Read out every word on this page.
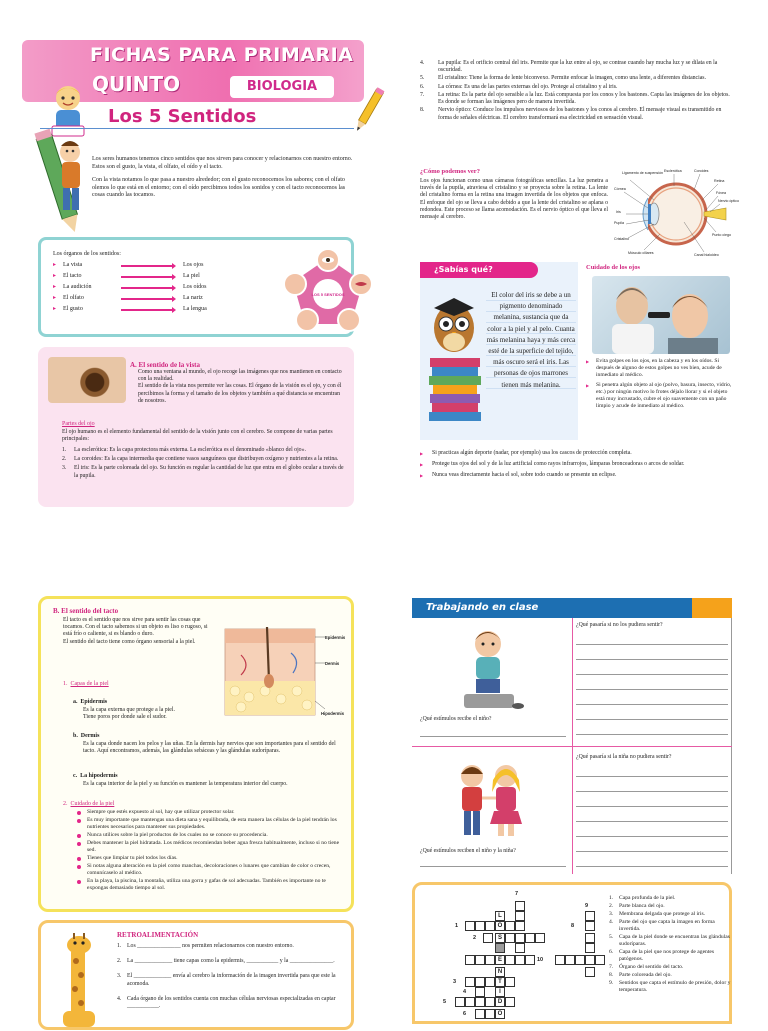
FICHAS PARA PRIMARIA
QUINTO	BIOLOGIA
Los 5 Sentidos

Los seres humanos tenemos cinco sentidos que nos sirven para conocer y relacionarnos con nuestro entorno. Estos son el gusto, la vista, el olfato, el oído y el tacto.

Con la vista notamos lo que pasa a nuestro alrededor; con el gusto reconocemos los sabores; con el olfato olemos lo que está en el entorno; con el oído percibimos todos los sonidos y con el tacto reconocemos las cosas cuando las tocamos.

Los órganos de los sentidos:
▸ La vista	Los ojos
▸ El tacto	La piel
▸ La audición	Los oídos
▸ El olfato	La nariz
▸ El gusto	La lengua
LOS 5 SENTIDOS
A. El sentido de la vista
Como una ventana al mundo, el ojo recoge las imágenes que nos mantienen en contacto con la realidad.
El sentido de la vista nos permite ver las cosas. El órgano de la visión es el ojo, y con él percibimos la forma y el tamaño de los objetos y también a qué distancia se encuentran de nosotros.
Partes del ojo
El ojo humano es el elemento fundamental del sentido de la visión junto con el cerebro. Se compone de varias partes principales:
1. La esclerótica: Es la capa protectora más externa. La esclerótica es el denominado «blanco del ojo».
2. La coroides: Es la capa intermedia que contiene vasos sanguíneos que distribuyen oxígeno y nutrientes a la retina.
3. El iris: Es la parte coloreada del ojo. Su función es regular la cantidad de luz que entra en el globo ocular a través de la pupila.
4. La pupila: Es el orificio central del iris. Permite que la luz entre al ojo, se contrae cuando hay mucha luz y se dilata en la oscuridad.
5. El cristalino: Tiene la forma de lente biconvexo. Permite enfocar la imagen, como una lente, a diferentes distancias.
6. La córnea: Es una de las partes externas del ojo. Protege al cristalino y al iris.
7. La retina: Es la parte del ojo sensible a la luz. Está compuesta por los conos y los bastones. Capta las imágenes de los objetos. Es donde se forman las imágenes pero de manera invertida.
8. Nervio óptico: Conduce los impulsos nerviosos de los bastones y los conos al cerebro. El mensaje visual es transmitido en forma de señales eléctricas. El cerebro transformará esa electricidad en sensación visual.
¿Cómo podemos ver?
Los ojos funcionan como unas cámaras fotográficas sencillas. La luz penetra a través de la pupila, atraviesa el cristalino y se proyecta sobre la retina. La lente del cristalino forma en la retina una imagen invertida de los objetos que enfoca. El enfoque del ojo se lleva a cabo debido a que la lente del cristalino se aplana o redondea. Este proceso se llama acomodación. Es el nervio óptico el que lleva el mensaje al cerebro.
Ligamento de suspensión Esclerótica	Coroides
Córnea
Retina
Iris
Fóvea
Nervio óptico
Pupila
Cristalino
Punto ciego
Músculo ciliares	Canal hialoideo
¿Sabías qué?
El color del iris se debe a un pigmento denominado melanina, sustancia que da color a la piel y al pelo. Cuanta más melanina haya y más cerca esté de la superficie del tejido, más oscuro será el iris. Las personas de ojos marrones tienen más melanina.
Cuidado de los ojos
▶ Evita golpes en los ojos, en la cabeza y en los oídos. Si después de alguno de estos golpes no ves bien, acude de inmediato al médico.
▶ Si penetra algún objeto al ojo (polvo, basura, insecto, vidrio, etc.) por ningún motivo lo frotes déjalo llorar y si el objeto está muy incrustado, cubre el ojo suavemente con un paño limpio y acude de inmediato al médico.
▶ Si practicas algún deporte (nadar, por ejemplo) usa los cascos de protección completa.
▶ Protege tus ojos del sol y de la luz artificial como rayos infrarrojos, lámparas bronceadoras o arcos de soldar.
▶ Nunca veas directamente hacia el sol, sobre todo cuando se presente un eclipse.
B. El sentido del tacto
El tacto es el sentido que nos sirve para sentir las cosas que tocamos. Con el tacto sabemos si un objeto es liso o rugoso, si está frío o caliente, si es blando o duro.
El sentido del tacto tiene como órgano sensorial a la piel.
Epidermis
Dermis
Hipodermis
1. Capas de la piel
a. Epidermis
Es la capa externa que protege a la piel.
Tiene poros por donde sale el sudor.
b. Dermis
Es la capa donde nacen los pelos y las uñas. En la dermis hay nervios que son importantes para el sentido del tacto. Aquí encontramos, además, las glándulas sebáceas y las glándulas sudoríparas.
c. La hipodermis
Es la capa interior de la piel y su función es mantener la temperatura interior del cuerpo.
2. Cuidado de la piel
Siempre que estés expuesto al sol, hay que utilizar protector solar.
Es muy importante que mantengas una dieta sana y equilibrada, de esta manera las células de la piel tendrán los nutrientes necesarios para mantener sus propiedades.
Nunca utilices sobre la piel productos de los cuales no se conoce su procedencia.
Debes mantener la piel hidratada. Los médicos recomiendan beber agua fresca habitualmente, incluso si no tiene sed.
Tienes que limpiar tu piel todos los días.
Si notas alguna alteración en la piel como manchas, decoloraciones o lunares que cambian de color o crecen, comunícaselo al médico.
En la playa, la piscina, la montaña, utiliza una gorra y gafas de sol adecuadas. También es importante no te expongas demasiado tiempo al sol.
RETROALIMENTACIÓN
1. Los _______________ nos permiten relacionarnos con nuestro entorno.
2. La _____________ tiene capas como la epidermis, ___________ y la _______________.
3. El _____________ envía al cerebro la información de la imagen invertida para que este la acomoda.
4. Cada órgano de los sentidos cuenta con muchas células nerviosas especializadas en captar ___________.
Trabajando en clase
¿Qué pasaría si no los pudiera sentir?
¿Qué estímulos recibe el niño?
¿Qué pasaría si la niña no pudiera sentir?
¿Qué estímulos reciben el niño y la niña?
7
9
1	8
2
10
3
4
5
6
L
O
S
E
N
T
I
D
O
1. Capa profunda de la piel.
2. Parte blanca del ojo.
3. Membrana delgada que protege al iris.
4. Parte del ojo que capta la imagen en forma invertida.
5. Capa de la piel donde se encuentran las glándulas sudoríparas.
6. Capa de la piel que nos protege de agentes patógenos.
7. Órgano del sentido del tacto.
8. Parte coloreada del ojo.
9. Sentidos que capta el estímulo de presión, dolor y temperatura.
